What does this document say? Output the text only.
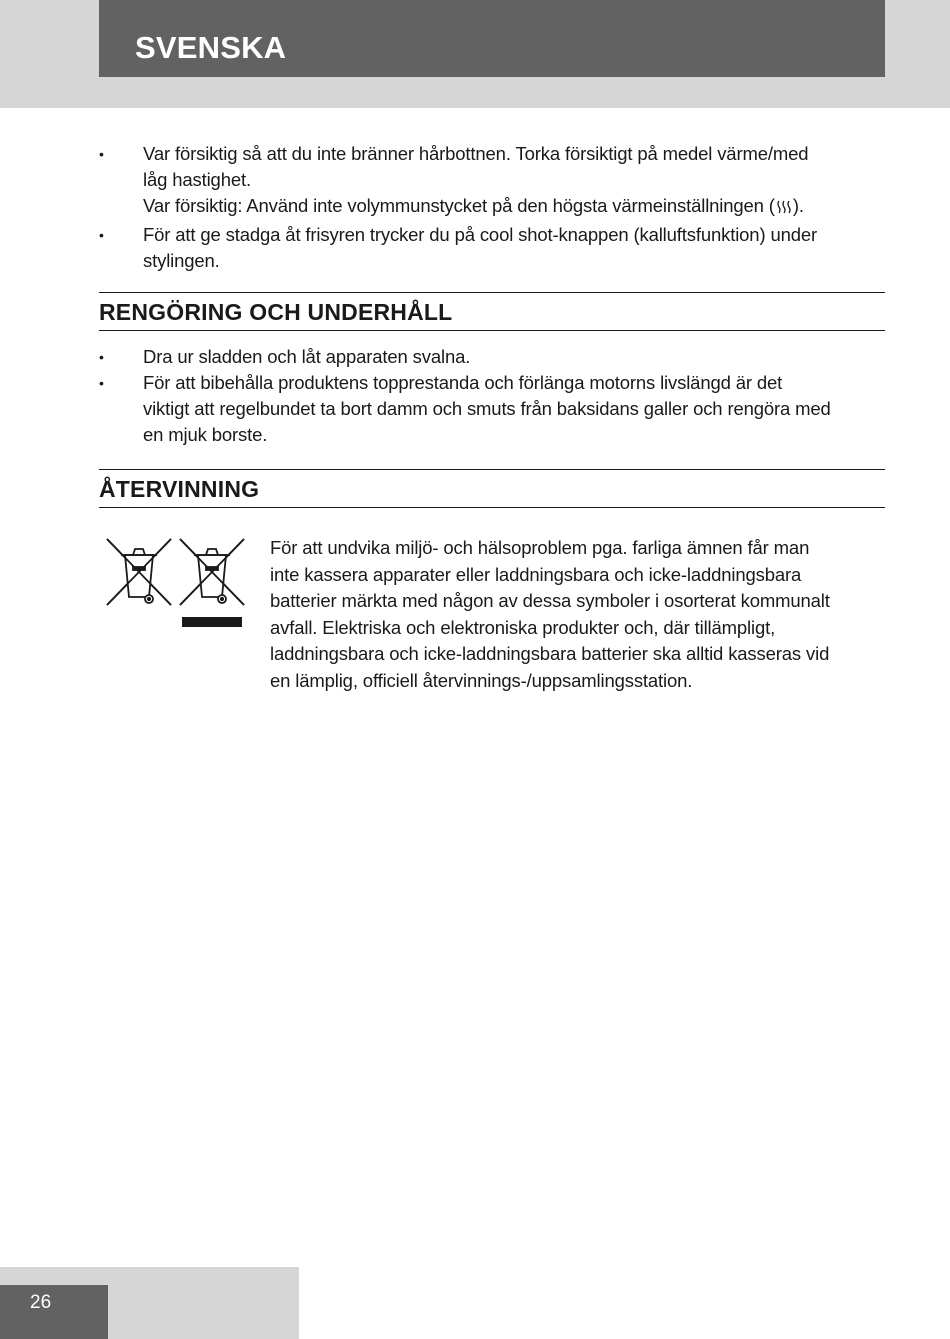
SVENSKA
• Var försiktig så att du inte bränner hårbottnen. Torka försiktigt på medel värme/med
låg hastighet.
Var försiktig: Använd inte volymmunstycket på den högsta värmeinställningen ( ).
• För att ge stadga åt frisyren trycker du på cool shot-knappen (kalluftsfunktion) under
stylingen.
RENGÖRING OCH UNDERHÅLL
• Dra ur sladden och låt apparaten svalna.
• För att bibehålla produktens topprestanda och förlänga motorns livslängd är det
viktigt att regelbundet ta bort damm och smuts från baksidans galler och rengöra med
en mjuk borste.
ÅTERVINNING
För att undvika miljö- och hälsoproblem pga. farliga ämnen får man
inte kassera apparater eller laddningsbara och icke-laddningsbara
batterier märkta med någon av dessa symboler i osorterat kommunalt
avfall. Elektriska och elektroniska produkter och, där tillämpligt,
laddningsbara och icke-laddningsbara batterier ska alltid kasseras vid
en lämplig, officiell återvinnings-/uppsamlingsstation.
26
